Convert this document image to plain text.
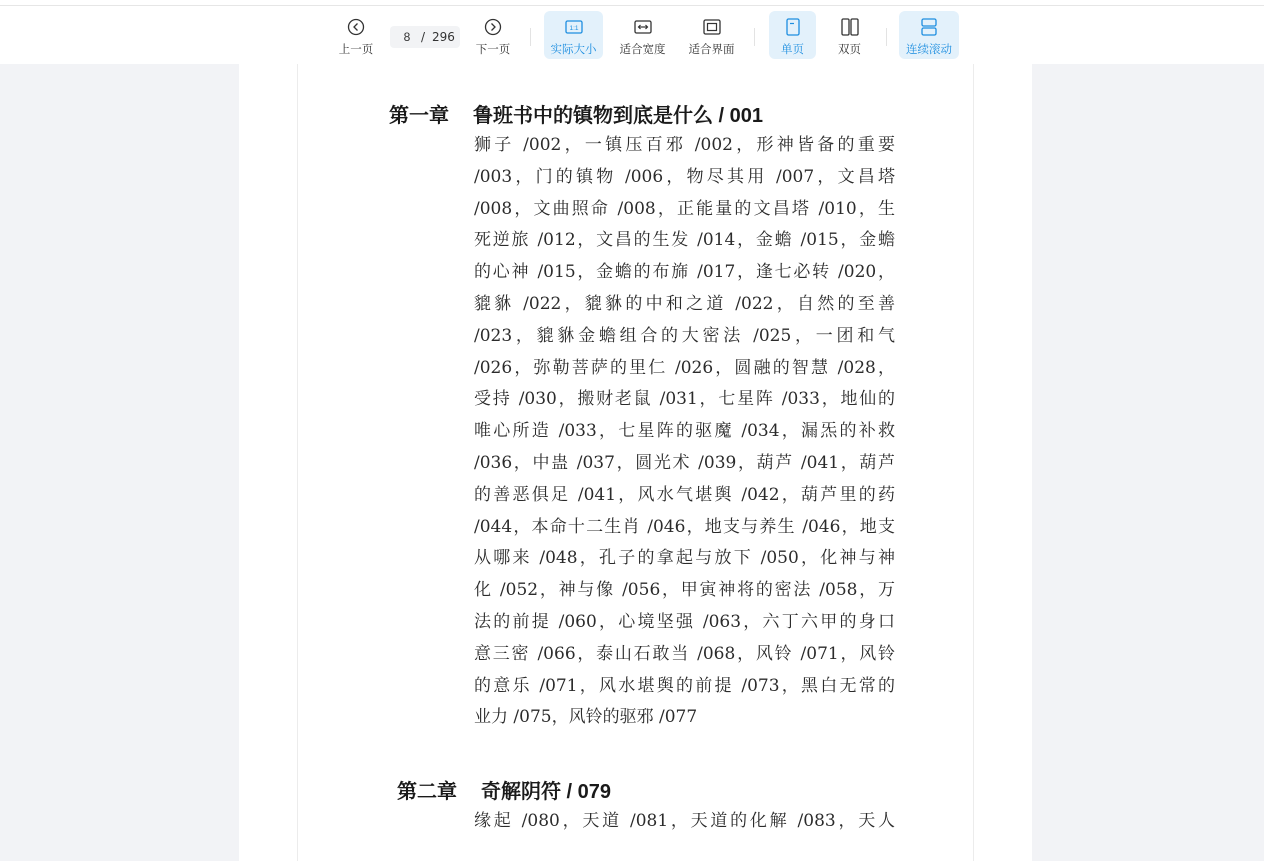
上一页
8
/ 296
下一页
1:1
实际大小	适合宽度	适合界面	单页	双页	连续滚动
第一章 鲁班书中的镇物到底是什么 / 001
狮子 /002，一镇压百邪 /002，形神皆备的重要
/003，门的镇物 /006，物尽其用 /007，文昌塔
/008，文曲照命 /008，正能量的文昌塔 /010，生
死逆旅 /012，文昌的生发 /014，金蟾 /015，金蟾
的心神 /015，金蟾的布旆 /017，逢七必转 /020，
貔貅 /022，貔貅的中和之道 /022，自然的至善
/023，貔貅金蟾组合的大密法 /025，一团和气
/026，弥勒菩萨的里仁 /026，圆融的智慧 /028，
受持 /030，搬财老鼠 /031，七星阵 /033，地仙的
唯心所造 /033，七星阵的驱魔 /034，漏炁的补救
/036，中蛊 /037，圆光术 /039，葫芦 /041，葫芦
的善恶俱足 /041，风水气堪舆 /042，葫芦里的药
/044，本命十二生肖 /046，地支与养生 /046，地支
从哪来 /048，孔子的拿起与放下 /050，化神与神
化 /052，神与像 /056，甲寅神将的密法 /058，万
法的前提 /060，心境坚强 /063，六丁六甲的身口
意三密 /066，泰山石敢当 /068，风铃 /071，风铃
的意乐 /071，风水堪舆的前提 /073，黑白无常的
业力 /075，风铃的驱邪 /077
第二章 奇解阴符 / 079
缘起 /080，天道 /081，天道的化解 /083，天人
